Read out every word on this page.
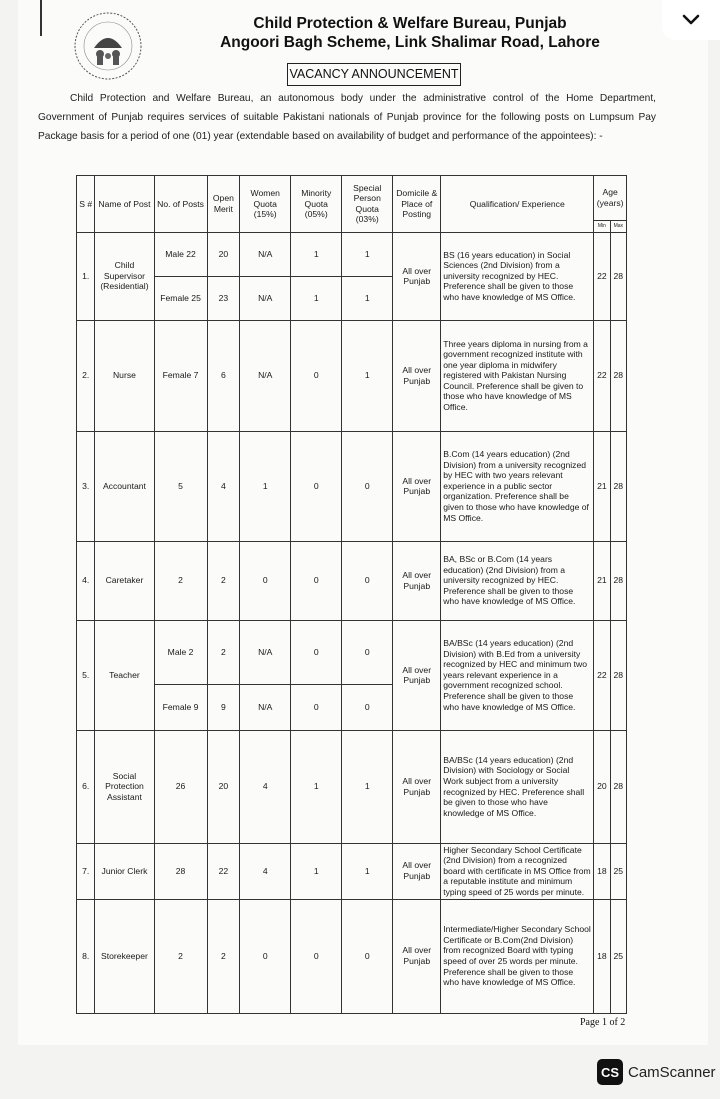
Child Protection & Welfare Bureau, Punjab
Angoori Bagh Scheme, Link Shalimar Road, Lahore
VACANCY ANNOUNCEMENT
Child Protection and Welfare Bureau, an autonomous body under the administrative control of the Home Department, Government of Punjab requires services of suitable Pakistani nationals of Punjab province for the following posts on Lumpsum Pay Package basis for a period of one (01) year (extendable based on availability of budget and performance of the appointees): -
S #	Name of Post	No. of Posts	Open Merit	Women Quota (15%)	Minority Quota (05%)	Special Person Quota (03%)	Domicile & Place of Posting	Qualification/ Experience	Age (years)	
									Min	Max
1.	Child Supervisor (Residential)	Male 22	20	N/A	1	1	All over Punjab	BS (16 years education) in Social Sciences (2nd Division) from a university recognized by HEC. Preference shall be given to those who have knowledge of MS Office.	22	28
		Female 25	23	N/A	1	1				
2.	Nurse	Female 7	6	N/A	0	1	All over Punjab	Three years diploma in nursing from a government recognized institute with one year diploma in midwifery registered with Pakistan Nursing Council. Preference shall be given to those who have knowledge of MS Office.	22	28
3.	Accountant	5	4	1	0	0	All over Punjab	B.Com (14 years education) (2nd Division) from a university recognized by HEC with two years relevant experience in a public sector organization. Preference shall be given to those who have knowledge of MS Office.	21	28
4.	Caretaker	2	2	0	0	0	All over Punjab	BA, BSc or B.Com (14 years education) (2nd Division) from a university recognized by HEC. Preference shall be given to those who have knowledge of MS Office.	21	28
5.	Teacher	Male 2	2	N/A	0	0	All over Punjab	BA/BSc (14 years education) (2nd Division) with B.Ed from a university recognized by HEC and minimum two years relevant experience in a government recognized school. Preference shall be given to those who have knowledge of MS Office.	22	28
		Female 9	9	N/A	0	0				
6.	Social Protection Assistant	26	20	4	1	1	All over Punjab	BA/BSc (14 years education) (2nd Division) with Sociology or Social Work subject from a university recognized by HEC. Preference shall be given to those who have knowledge of MS Office.	20	28
7.	Junior Clerk	28	22	4	1	1	All over Punjab	Higher Secondary School Certificate (2nd Division) from a recognized board with certificate in MS Office from a reputable institute and minimum typing speed of 25 words per minute.	18	25
8.	Storekeeper	2	2	0	0	0	All over Punjab	Intermediate/Higher Secondary School Certificate or B.Com(2nd Division) from recognized Board with typing speed of over 25 words per minute. Preference shall be given to those who have knowledge of MS Office.	18	25
Page 1 of 2
CS CamScanner
